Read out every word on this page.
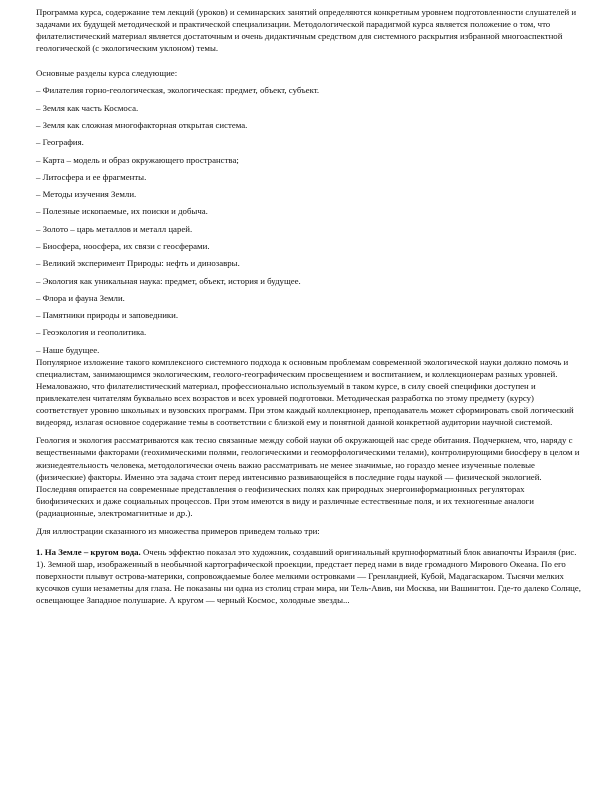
Программа курса, содержание тем лекций (уроков) и семинарских занятий определяются конкретным уровнем подготовленности слушателей и задачами их будущей методической и практической специализации. Методологической парадигмой курса является положение о том, что филателистический материал является достаточным и очень дидактичным средством для системного раскрытия избранной многоаспектной геологической (с экологическим уклоном) темы.

Основные разделы курса следующие:

– Филателия горно-геологическая, экологическая: предмет, объект, субъект.

– Земля как часть Космоса.

– Земля как сложная многофакторная открытая система.

– География.

– Карта – модель и образ окружающего пространства;

– Литосфера и ее фрагменты.

– Методы изучения Земли.

– Полезные ископаемые, их поиски и добыча.

– Золото – царь металлов и металл царей.

– Биосфера, ноосфера, их связи с геосферами.

– Великий эксперимент Природы: нефть и динозавры.

– Экология как уникальная наука: предмет, объект, история и будущее.

– Флора и фауна Земли.

– Памятники природы и заповедники.

– Геоэкология и геополитика.

– Наше будущее.

Популярное изложение такого комплексного системного подхода к основным проблемам современной экологической науки должно помочь и специалистам, занимающимся экологическим, геолого-географическим просвещением и воспитанием, и коллекционерам разных уровней. Немаловажно, что филателистический материал, профессионально используемый в таком курсе, в силу своей специфики доступен и привлекателен читателям буквально всех возрастов и всех уровней подготовки. Методическая разработка по этому предмету (курсу) соответствует уровню школьных и вузовских программ. При этом каждый коллекционер, преподаватель может сформировать свой логический видеоряд, излагая основное содержание темы в соответствии с близкой ему и понятной данной конкретной аудитории научной системой.

Геология и экология рассматриваются как тесно связанные между собой науки об окружающей нас среде обитания. Подчеркнем, что, наряду с вещественными факторами (геохимическими полями, геологическими и геоморфологическими телами), контролирующими биосферу в целом и жизнедеятельность человека, методологически очень важно рассматривать не менее значимые, но гораздо менее изученные полевые (физические) факторы. Именно эта задача стоит перед интенсивно развивающейся в последние годы наукой — физической экологией. Последняя опирается на современные представления о геофизических полях как природных энергоинформационных регуляторах биофизических и даже социальных процессов. При этом имеются в виду и различные естественные поля, и их техногенные аналоги (радиационные, электромагнитные и др.).

Для иллюстрации сказанного из множества примеров приведем только три:

1. На Земле – кругом вода. Очень эффектно показал это художник, создавший оригинальный крупноформатный блок авиапочты Израиля (рис. 1). Земной шар, изображенный в необычной картографической проекции, предстает перед нами в виде громадного Мирового Океана. По его поверхности плывут острова-материки, сопровождаемые более мелкими островками — Гренландией, Кубой, Мадагаскаром. Тысячи мелких кусочков суши незаметны для глаза. Не показаны ни одна из столиц стран мира, ни Тель-Авив, ни Москва, ни Вашингтон. Где-то далеко Солнце, освещающее Западное полушарие. А кругом — черный Космос, холодные звезды...
